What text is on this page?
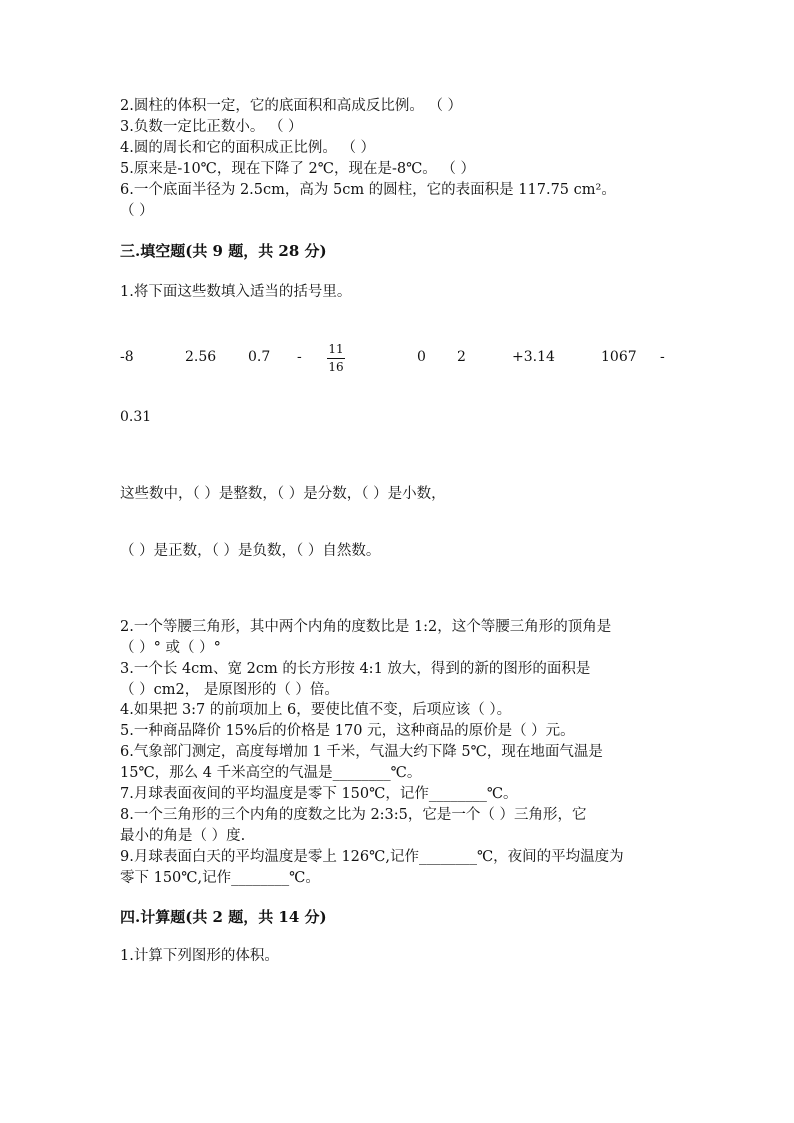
2.圆柱的体积一定，它的底面积和高成反比例。 （ ）
3.负数一定比正数小。 （ ）
4.圆的周长和它的面积成正比例。 （ ）
5.原来是-10℃，现在下降了 2℃，现在是-8℃。 （ ）
6.一个底面半径为 2.5cm，高为 5cm 的圆柱，它的表面积是 117.75 cm²。
（ ）
三.填空题(共 9 题，共 28 分)
1.将下面这些数填入适当的括号里。
-8	2.56 0.7 - 11
16
0 2	+3.14	1067 -
0.31
这些数中，（ ）是整数，（ ）是分数，（ ）是小数，
（ ）是正数，（ ）是负数，（ ）自然数。
2.一个等腰三角形，其中两个内角的度数比是 1:2，这个等腰三角形的顶角是
（ ）° 或（ ）°
3.一个长 4cm、宽 2cm 的长方形按 4:1 放大，得到的新的图形的面积是
（ ）cm2， 是原图形的（ ）倍。
4.如果把 3:7 的前项加上 6，要使比值不变，后项应该（ ）。
5.一种商品降价 15%后的价格是 170 元，这种商品的原价是（ ）元。
6.气象部门测定，高度每增加 1 千米，气温大约下降 5℃，现在地面气温是
15℃，那么 4 千米高空的气温是________℃。
7.月球表面夜间的平均温度是零下 150℃，记作________℃。
8.一个三角形的三个内角的度数之比为 2:3:5，它是一个（ ）三角形，它
最小的角是（ ）度.
9.月球表面白天的平均温度是零上 126℃,记作________℃，夜间的平均温度为
零下 150℃,记作________℃。
四.计算题(共 2 题，共 14 分)
1.计算下列图形的体积。
